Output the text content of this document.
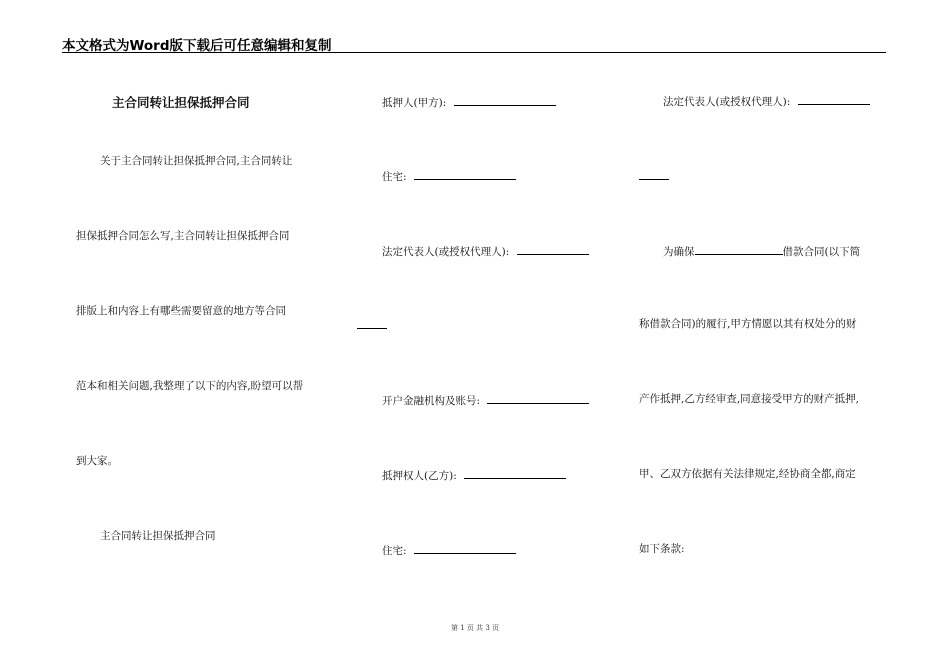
本文格式为Word版下载后可任意编辑和复制
主合同转让担保抵押合同
关于主合同转让担保抵押合同,主合同转让
担保抵押合同怎么写,主合同转让担保抵押合同
排版上和内容上有哪些需要留意的地方等合同
范本和相关问题,我整理了以下的内容,盼望可以帮
到大家。
主合同转让担保抵押合同
抵押人(甲方):
住宅:
法定代表人(或授权代理人):
开户金融机构及账号:
抵押权人(乙方):
住宅:
法定代表人(或授权代理人):
为确保	借款合同(以下简
称借款合同)的履行,甲方情愿以其有权处分的财
产作抵押,乙方经审查,同意接受甲方的财产抵押,
甲、乙双方依据有关法律规定,经协商全都,商定
如下条款:
第 1 页 共 3 页
